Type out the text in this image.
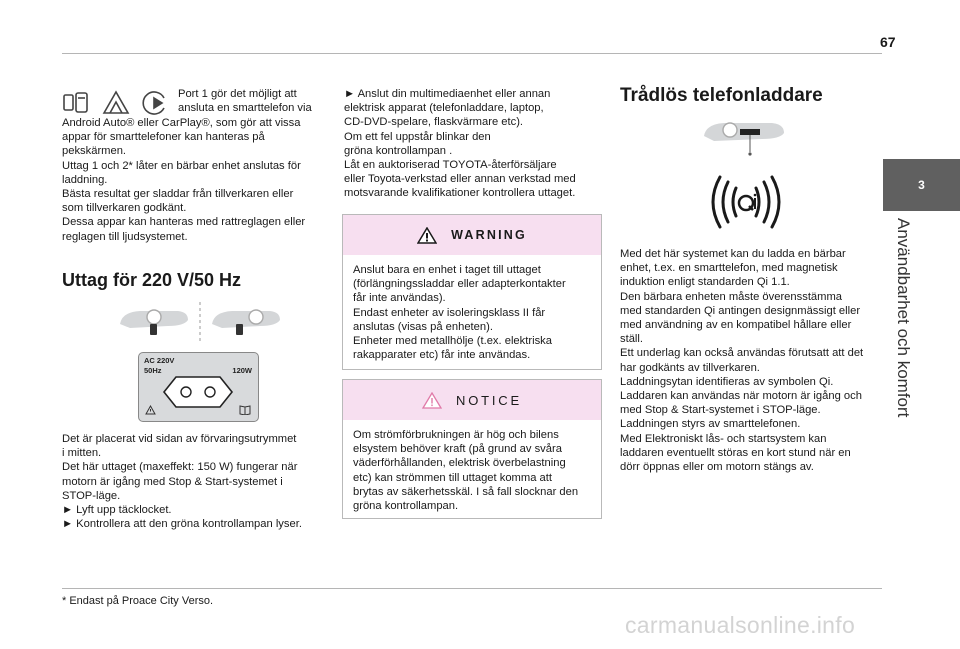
67
3
Användbarhet och komfort

Port 1 gör det möjligt att
ansluta en smarttelefon via

Android Auto® eller CarPlay®, som gör att vissa
appar för smarttelefoner kan hanteras på
pekskärmen.
Uttag 1 och 2* låter en bärbar enhet anslutas för
laddning.
Bästa resultat ger sladdar från tillverkaren eller
som tillverkaren godkänt.
Dessa appar kan hanteras med rattreglagen eller
reglagen till ljudsystemet.

Uttag för 220 V/50 Hz
AC 220V
50Hz	120W

Det är placerat vid sidan av förvaringsutrymmet
i mitten.
Det här uttaget (maxeffekt: 150 W) fungerar när
motorn är igång med Stop & Start-systemet i
STOP-läge.
► Lyft upp täcklocket.
► Kontrollera att den gröna kontrollampan lyser.

► Anslut din multimediaenhet eller annan
elektrisk apparat (telefonladdare, laptop,
CD-DVD-spelare, flaskvärmare etc).
Om ett fel uppstår blinkar den
gröna kontrollampan .
Låt en auktoriserad TOYOTA-återförsäljare
eller Toyota-verkstad eller annan verkstad med
motsvarande kvalifikationer kontrollera uttaget.

WARNING

Anslut bara en enhet i taget till uttaget
(förlängningssladdar eller adapterkontakter
får inte användas).
Endast enheter av isoleringsklass II får
anslutas (visas på enheten).
Enheter med metallhölje (t.ex. elektriska
rakapparater etc) får inte användas.

NOTICE

Om strömförbrukningen är hög och bilens
elsystem behöver kraft (på grund av svåra
väderförhållanden, elektrisk överbelastning
etc) kan strömmen till uttaget komma att
brytas av säkerhetsskäl. I så fall slocknar den
gröna kontrollampan.

Trådlös telefonladdare

Med det här systemet kan du ladda en bärbar
enhet, t.ex. en smarttelefon, med magnetisk
induktion enligt standarden Qi 1.1.
Den bärbara enheten måste överensstämma
med standarden Qi antingen designmässigt eller
med användning av en kompatibel hållare eller
ställ.
Ett underlag kan också användas förutsatt att det
har godkänts av tillverkaren.
Laddningsytan identifieras av symbolen Qi.
Laddaren kan användas när motorn är igång och
med Stop & Start-systemet i STOP-läge.
Laddningen styrs av smarttelefonen.
Med Elektroniskt lås- och startsystem kan
laddaren eventuellt störas en kort stund när en
dörr öppnas eller om motorn stängs av.

* Endast på Proace City Verso.
carmanualsonline.info
